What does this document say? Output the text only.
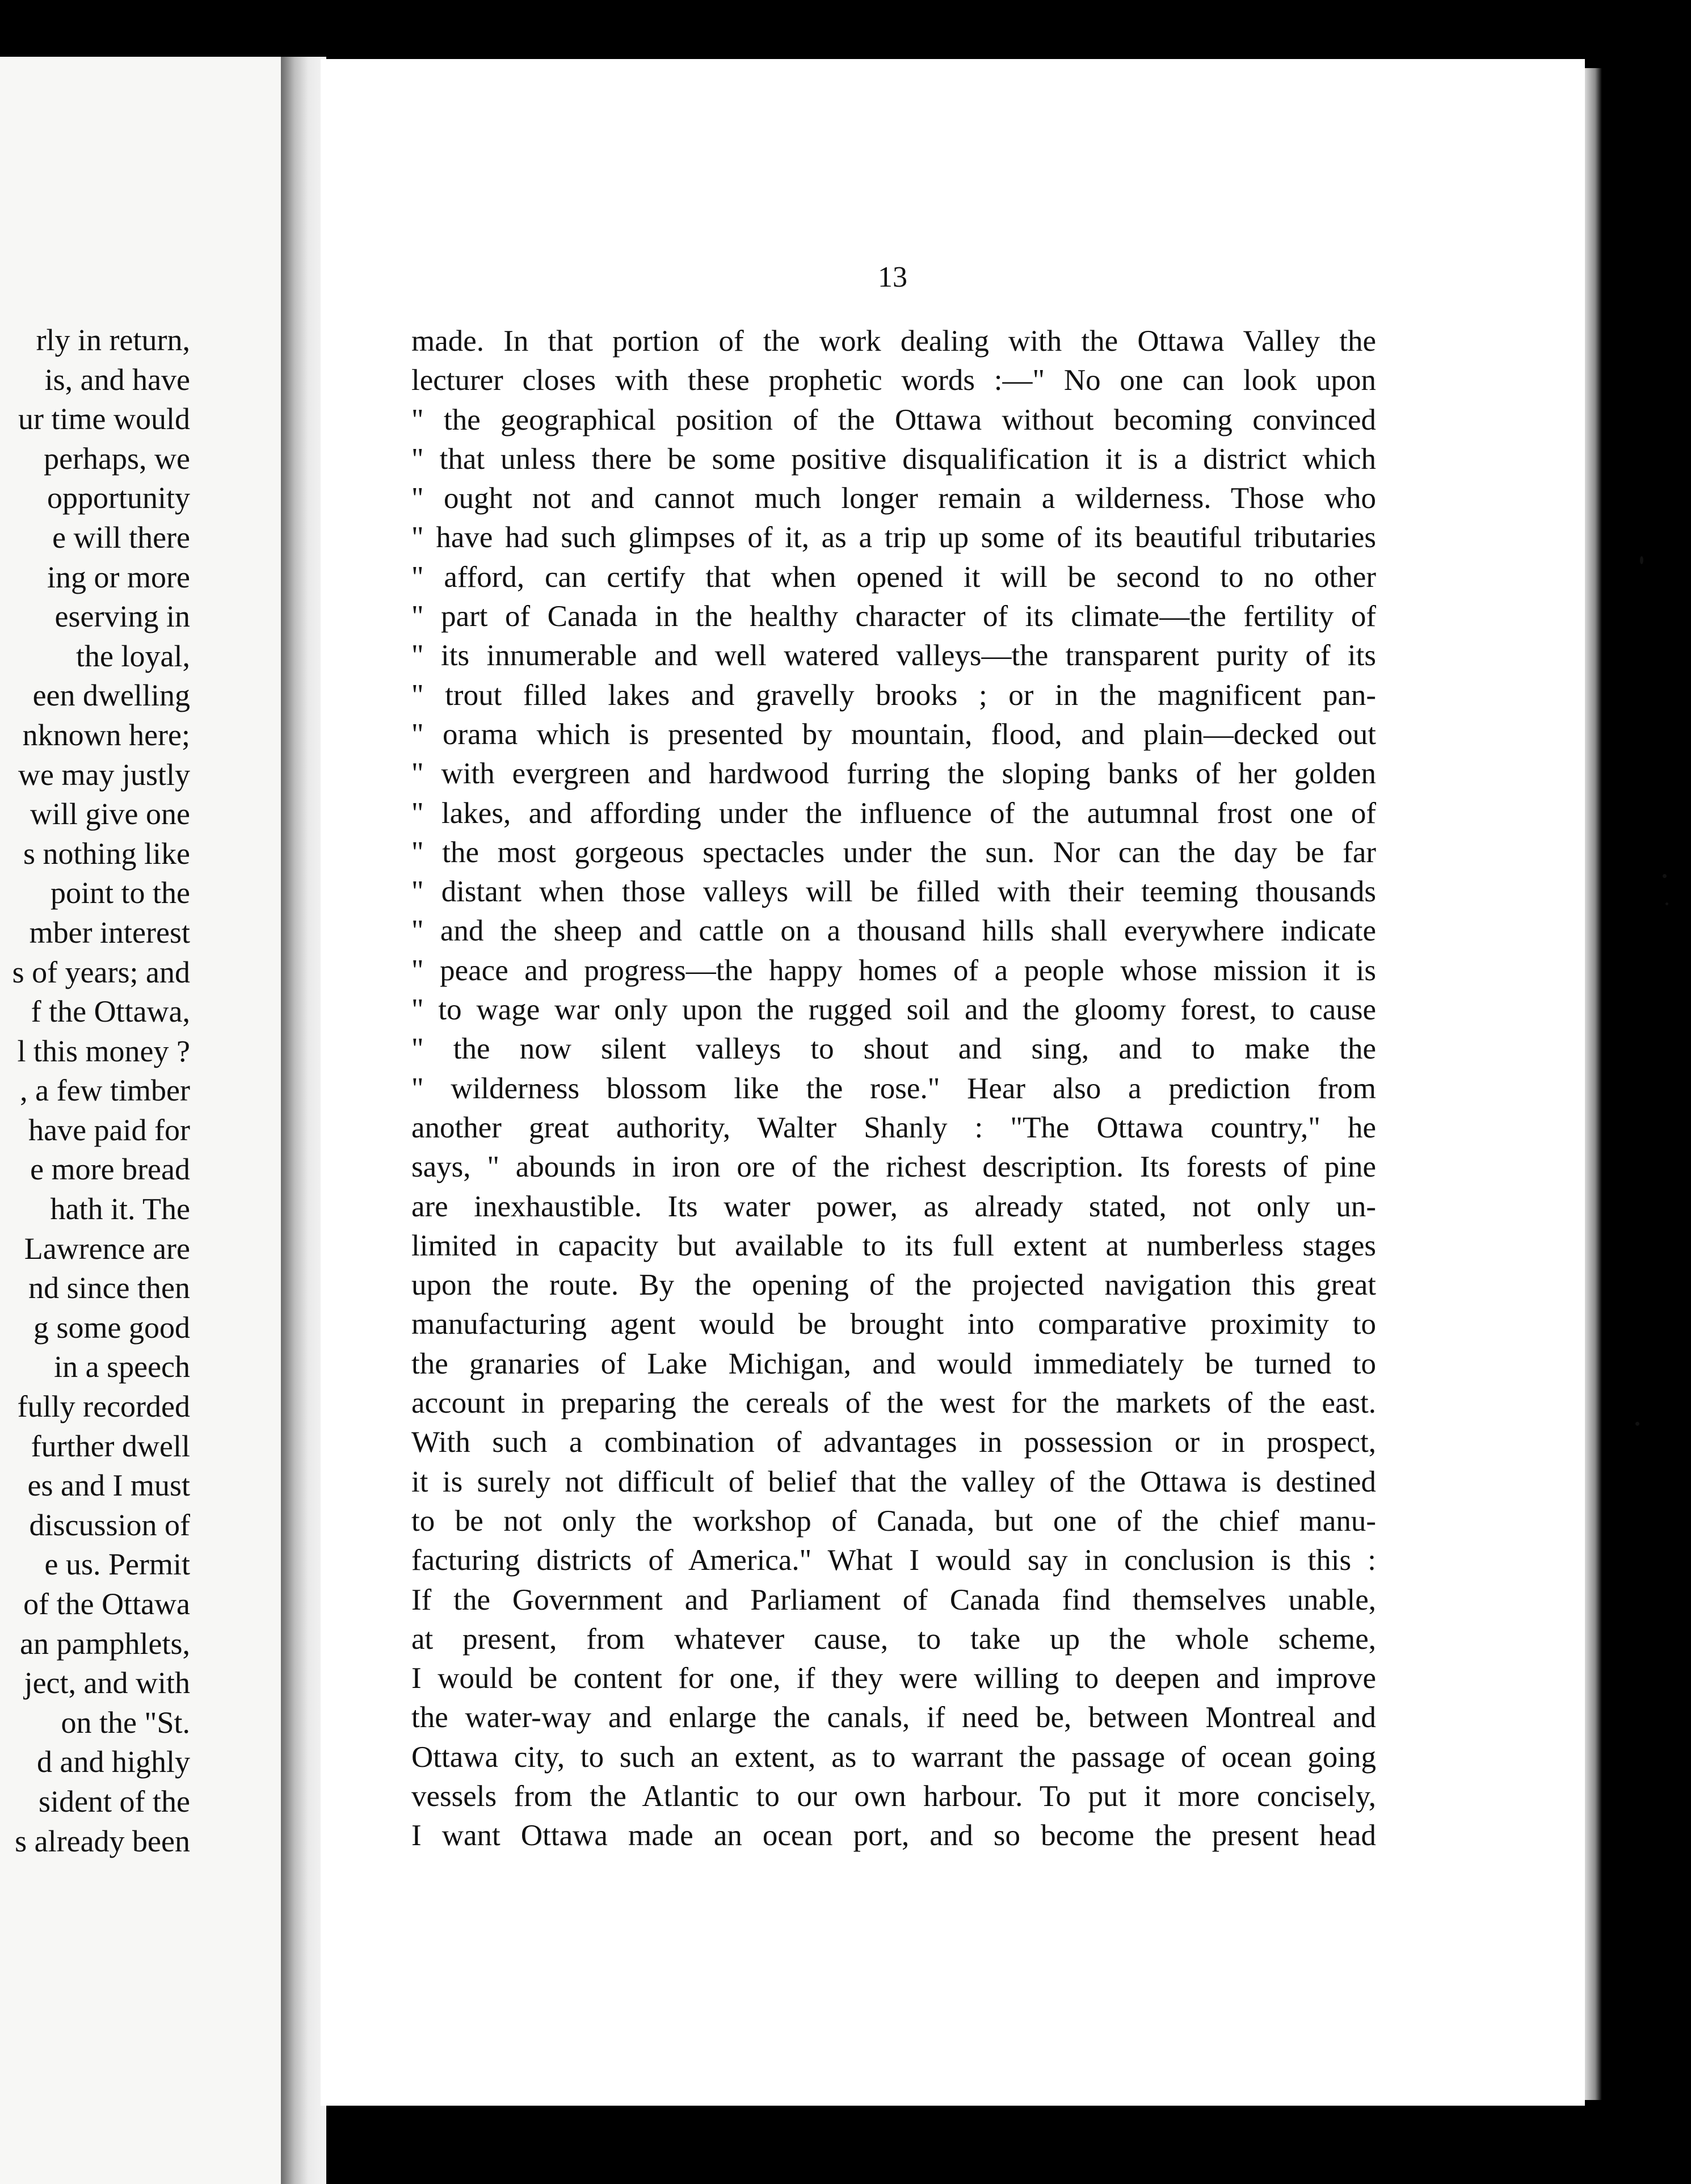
rly in return,
is, and have
ur time would
perhaps, we
opportunity
e will there
ing or more
eserving in
the loyal,
een dwelling
nknown here;
we may justly
will give one
s nothing like
point to the
mber interest
s of years; and
f the Ottawa,
l this money ?
, a few timber
have paid for
e more bread
hath it. The
Lawrence are
nd since then
g some good
in a speech
fully recorded
further dwell
es and I must
discussion of
e us. Permit
of the Ottawa
an pamphlets,
ject, and with
on the "St.
d and highly
sident of the
s already been
13
made. In that portion of the work dealing with the Ottawa Valley the
lecturer closes with these prophetic words :—" No one can look upon
" the geographical position of the Ottawa without becoming convinced
" that unless there be some positive disqualification it is a district which
" ought not and cannot much longer remain a wilderness. Those who
" have had such glimpses of it, as a trip up some of its beautiful tributaries
" afford, can certify that when opened it will be second to no other
" part of Canada in the healthy character of its climate—the fertility of
" its innumerable and well watered valleys—the transparent purity of its
" trout filled lakes and gravelly brooks ; or in the magnificent pan-
" orama which is presented by mountain, flood, and plain—decked out
" with evergreen and hardwood furring the sloping banks of her golden
" lakes, and affording under the influence of the autumnal frost one of
" the most gorgeous spectacles under the sun. Nor can the day be far
" distant when those valleys will be filled with their teeming thousands
" and the sheep and cattle on a thousand hills shall everywhere indicate
" peace and progress—the happy homes of a people whose mission it is
" to wage war only upon the rugged soil and the gloomy forest, to cause
" the now silent valleys to shout and sing, and to make the
" wilderness blossom like the rose." Hear also a prediction from
another great authority, Walter Shanly : "The Ottawa country," he
says, " abounds in iron ore of the richest description. Its forests of pine
are inexhaustible. Its water power, as already stated, not only un-
limited in capacity but available to its full extent at numberless stages
upon the route. By the opening of the projected navigation this great
manufacturing agent would be brought into comparative proximity to
the granaries of Lake Michigan, and would immediately be turned to
account in preparing the cereals of the west for the markets of the east.
With such a combination of advantages in possession or in prospect,
it is surely not difficult of belief that the valley of the Ottawa is destined
to be not only the workshop of Canada, but one of the chief manu-
facturing districts of America." What I would say in conclusion is this :
If the Government and Parliament of Canada find themselves unable,
at present, from whatever cause, to take up the whole scheme,
I would be content for one, if they were willing to deepen and improve
the water-way and enlarge the canals, if need be, between Montreal and
Ottawa city, to such an extent, as to warrant the passage of ocean going
vessels from the Atlantic to our own harbour. To put it more concisely,
I want Ottawa made an ocean port, and so become the present head
